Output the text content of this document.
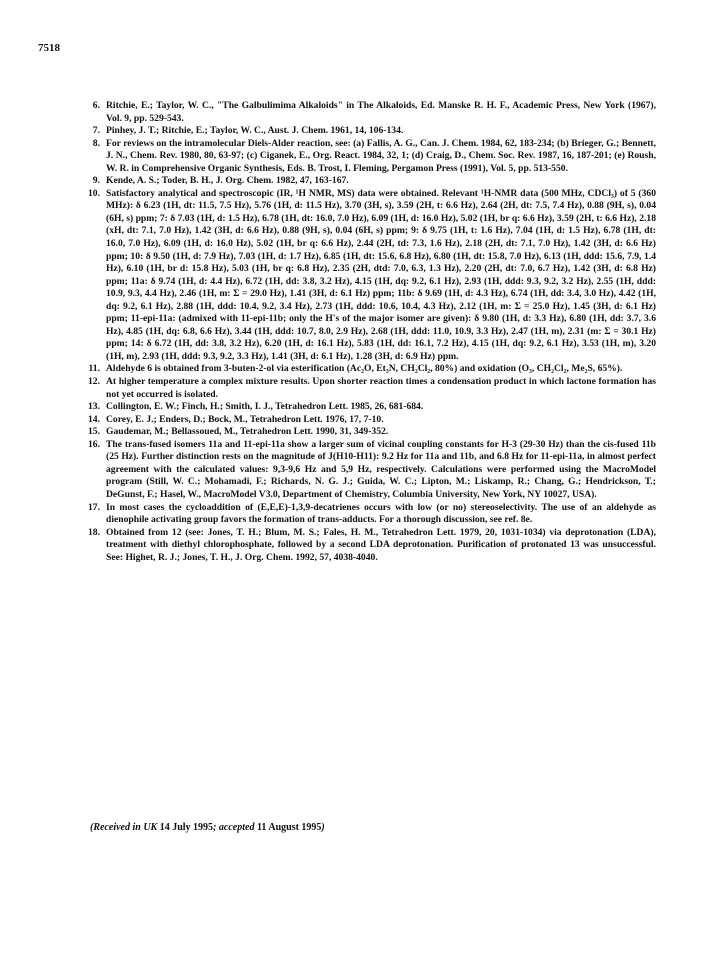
7518
6. Ritchie, E.; Taylor, W. C., "The Galbulimima Alkaloids" in The Alkaloids, Ed. Manske R. H. F., Academic Press, New York (1967), Vol. 9, pp. 529-543.
7. Pinhey, J. T.; Ritchie, E.; Taylor, W. C., Aust. J. Chem. 1961, 14, 106-134.
8. For reviews on the intramolecular Diels-Alder reaction, see: (a) Fallis, A. G., Can. J. Chem. 1984, 62, 183-234; (b) Brieger, G.; Bennett, J. N., Chem. Rev. 1980, 80, 63-97; (c) Ciganek, E., Org. React. 1984, 32, 1; (d) Craig, D., Chem. Soc. Rev. 1987, 16, 187-201; (e) Roush, W. R. in Comprehensive Organic Synthesis, Eds. B. Trost, I. Fleming, Pergamon Press (1991), Vol. 5, pp. 513-550.
9. Kende, A. S.; Toder, B. H., J. Org. Chem. 1982, 47, 163-167.
10. Satisfactory analytical and spectroscopic (IR, ¹H NMR, MS) data were obtained. Relevant ¹H-NMR data (500 MHz, CDCl₃) of 5 (360 MHz): δ 6.23 (1H, dt: 11.5, 7.5 Hz), 5.76 (1H, d: 11.5 Hz), 3.70 (3H, s), 3.59 (2H, t: 6.6 Hz), 2.64 (2H, dt: 7.5, 7.4 Hz), 0.88 (9H, s), 0.04 (6H, s) ppm; 7: δ 7.03 (1H, d: 1.5 Hz), 6.78 (1H, dt: 16.0, 7.0 Hz), 6.09 (1H, d: 16.0 Hz), 5.02 (1H, br q: 6.6 Hz), 3.59 (2H, t: 6.6 Hz), 2.18 (xH, dt: 7.1, 7.0 Hz), 1.42 (3H, d: 6.6 Hz), 0.88 (9H, s), 0.04 (6H, s) ppm; 9: δ 9.75 (1H, t: 1.6 Hz), 7.04 (1H, d: 1.5 Hz), 6.78 (1H, dt: 16.0, 7.0 Hz), 6.09 (1H, d: 16.0 Hz), 5.02 (1H, br q: 6.6 Hz), 2.44 (2H, td: 7.3, 1.6 Hz), 2.18 (2H, dt: 7.1, 7.0 Hz), 1.42 (3H, d: 6.6 Hz) ppm; 10: δ 9.50 (1H, d: 7.9 Hz), 7.03 (1H, d: 1.7 Hz), 6.85 (1H, dt: 15.6, 6.8 Hz), 6.80 (1H, dt: 15.8, 7.0 Hz), 6.13 (1H, ddd: 15.6, 7.9, 1.4 Hz), 6.10 (1H, br d: 15.8 Hz), 5.03 (1H, br q: 6.8 Hz), 2.35 (2H, dtd: 7.0, 6.3, 1.3 Hz), 2.20 (2H, dt: 7.0, 6.7 Hz), 1.42 (3H, d: 6.8 Hz) ppm; 11a: δ 9.74 (1H, d: 4.4 Hz), 6.72 (1H, dd: 3.8, 3.2 Hz), 4.15 (1H, dq: 9.2, 6.1 Hz), 2.93 (1H, ddd: 9.3, 9.2, 3.2 Hz), 2.55 (1H, ddd: 10.9, 9.3, 4.4 Hz), 2.46 (1H, m: Σ = 29.0 Hz), 1.41 (3H, d: 6.1 Hz) ppm; 11b: δ 9.69 (1H, d: 4.3 Hz), 6.74 (1H, dd: 3.4, 3.0 Hz), 4.42 (1H, dq: 9.2, 6.1 Hz), 2.88 (1H, ddd: 10.4, 9.2, 3.4 Hz), 2.73 (1H, ddd: 10.6, 10.4, 4.3 Hz), 2.12 (1H, m: Σ = 25.0 Hz), 1.45 (3H, d: 6.1 Hz) ppm; 11-epi-11a: (admixed with 11-epi-11b; only the H's of the major isomer are given): δ 9.80 (1H, d: 3.3 Hz), 6.80 (1H, dd: 3.7, 3.6 Hz), 4.85 (1H, dq: 6.8, 6.6 Hz), 3.44 (1H, ddd: 10.7, 8.0, 2.9 Hz), 2.68 (1H, ddd: 11.0, 10.9, 3.3 Hz), 2.47 (1H, m), 2.31 (m: Σ = 30.1 Hz) ppm; 14: δ 6.72 (1H, dd: 3.8, 3.2 Hz), 6.20 (1H, d: 16.1 Hz), 5.83 (1H, dd: 16.1, 7.2 Hz), 4.15 (1H, dq: 9.2, 6.1 Hz), 3.53 (1H, m), 3.20 (1H, m), 2.93 (1H, ddd: 9.3, 9.2, 3.3 Hz), 1.41 (3H, d: 6.1 Hz), 1.28 (3H, d: 6.9 Hz) ppm.
11. Aldehyde 6 is obtained from 3-buten-2-ol via esterification (Ac₂O, Et₃N, CH₂Cl₂, 80%) and oxidation (O₃, CH₂Cl₂, Me₂S, 65%).
12. At higher temperature a complex mixture results. Upon shorter reaction times a condensation product in which lactone formation has not yet occurred is isolated.
13. Collington, E. W.; Finch, H.; Smith, I. J., Tetrahedron Lett. 1985, 26, 681-684.
14. Corey, E. J.; Enders, D.; Bock, M., Tetrahedron Lett. 1976, 17, 7-10.
15. Gaudemar, M.; Bellassoued, M., Tetrahedron Lett. 1990, 31, 349-352.
16. The trans-fused isomers 11a and 11-epi-11a show a larger sum of vicinal coupling constants for H-3 (29-30 Hz) than the cis-fused 11b (25 Hz). Further distinction rests on the magnitude of J(H10-H11): 9.2 Hz for 11a and 11b, and 6.8 Hz for 11-epi-11a, in almost perfect agreement with the calculated values: 9,3-9,6 Hz and 5,9 Hz, respectively. Calculations were performed using the MacroModel program (Still, W. C.; Mohamadi, F.; Richards, N. G. J.; Guida, W. C.; Lipton, M.; Liskamp, R.; Chang, G.; Hendrickson, T.; DeGunst, F.; Hasel, W., MacroModel V3.0, Department of Chemistry, Columbia University, New York, NY 10027, USA).
17. In most cases the cycloaddition of (E,E,E)-1,3,9-decatrienes occurs with low (or no) stereoselectivity. The use of an aldehyde as dienophile activating group favors the formation of trans-adducts. For a thorough discussion, see ref. 8e.
18. Obtained from 12 (see: Jones, T. H.; Blum, M. S.; Fales, H. M., Tetrahedron Lett. 1979, 20, 1031-1034) via deprotonation (LDA), treatment with diethyl chlorophosphate, followed by a second LDA deprotonation. Purification of protonated 13 was unsuccessful. See: Highet, R. J.; Jones, T. H., J. Org. Chem. 1992, 57, 4038-4040.
(Received in UK 14 July 1995; accepted 11 August 1995)
